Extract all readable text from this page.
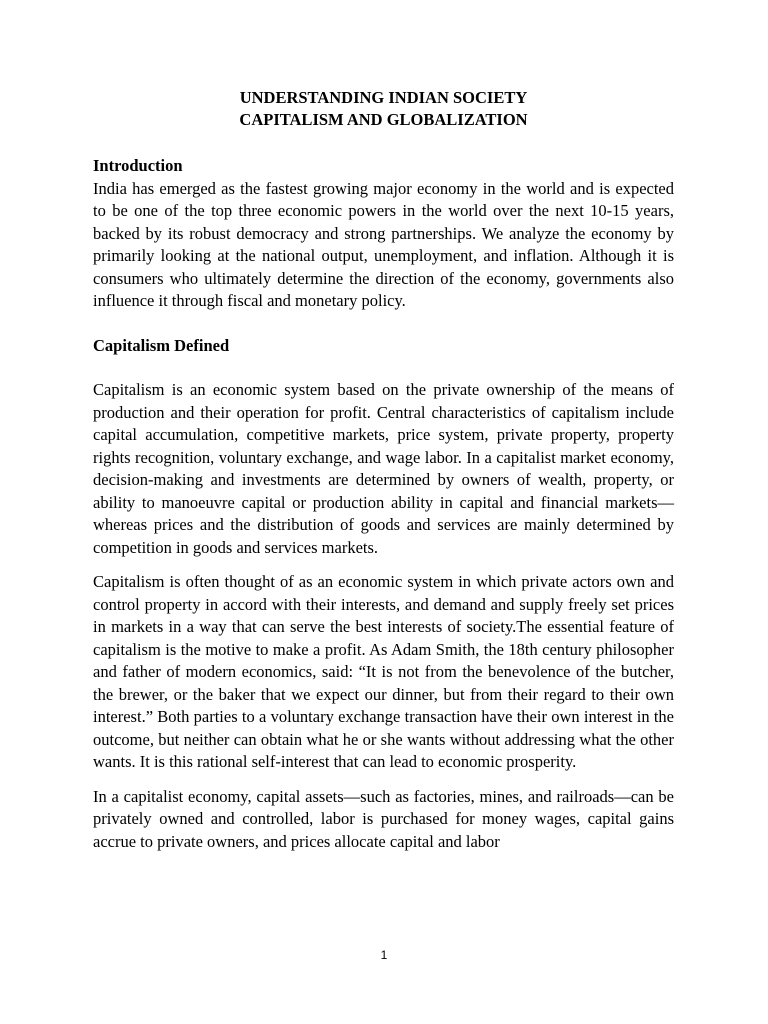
UNDERSTANDING INDIAN SOCIETY

CAPITALISM AND GLOBALIZATION

Introduction

India has emerged as the fastest growing major economy in the world and is expected to be one of the top three economic powers in the world over the next 10-15 years, backed by its robust democracy and strong partnerships. We analyze the economy by primarily looking at the national output, unemployment, and inflation. Although it is consumers who ultimately determine the direction of the economy, governments also influence it through fiscal and monetary policy.

Capitalism Defined

Capitalism is an economic system based on the private ownership of the means of production and their operation for profit. Central characteristics of capitalism include capital accumulation, competitive markets, price system, private property, property rights recognition, voluntary exchange, and wage labor. In a capitalist market economy, decision-making and investments are determined by owners of wealth, property, or ability to manoeuvre capital or production ability in capital and financial markets—whereas prices and the distribution of goods and services are mainly determined by competition in goods and services markets.

Capitalism is often thought of as an economic system in which private actors own and control property in accord with their interests, and demand and supply freely set prices in markets in a way that can serve the best interests of society.The essential feature of capitalism is the motive to make a profit. As Adam Smith, the 18th century philosopher and father of modern economics, said: “It is not from the benevolence of the butcher, the brewer, or the baker that we expect our dinner, but from their regard to their own interest.” Both parties to a voluntary exchange transaction have their own interest in the outcome, but neither can obtain what he or she wants without addressing what the other wants. It is this rational self-interest that can lead to economic prosperity.

In a capitalist economy, capital assets—such as factories, mines, and railroads—can be privately owned and controlled, labor is purchased for money wages, capital gains accrue to private owners, and prices allocate capital and labor

1
